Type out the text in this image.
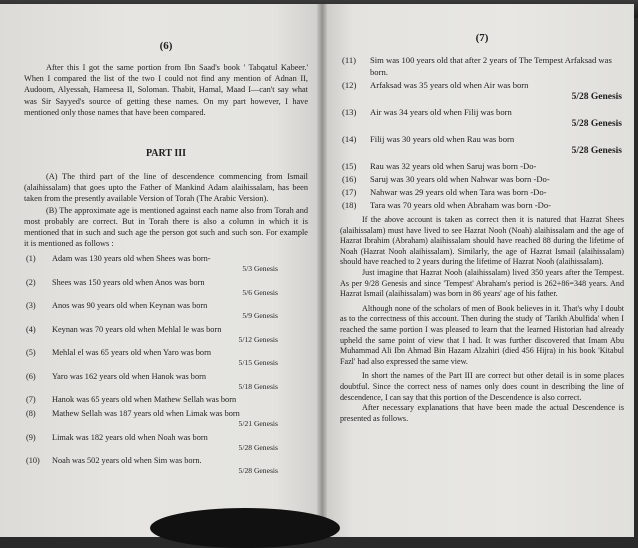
(6)

After this I got the same portion from Ibn Saad's book ' Tabqatul Kabeer.' When I compared the list of the two I could not find any mention of Adnan II, Audoom, Alyessah, Hameesa II, Soloman. Thabit, Hamal, Maad I—can't say what was Sir Sayyed's source of getting these names. On my part however, I have mentioned only those names that have been compared.

PART III

(A) The third part of the line of descendence commencing from Ismail (alaihissalam) that goes upto the Father of Mankind Adam alaihissalam, has been taken from the presently available Version of Torah (The Arabic Version).

(B) The approximate age is mentioned against each name also from Torah and most probably are correct. But in Torah there is also a column in which it is mentioned that in such and such age the person got such and such son. For example it is mentioned as follows :

(1)	Adam was 130 years old when Shees was born-
5/3 Genesis
(2)	Shees was 150 years old when Anos was born
5/6 Genesis
(3)	Anos was 90 years old when Keynan was born
5/9 Genesis
(4)	Keynan was 70 years old when Mehlal le was born
5/12 Genesis
(5)	Mehlal el was 65 years old when Yaro was born
5/15 Genesis
(6)	Yaro was 162 years old when Hanok was born
5/18 Genesis
(7)	Hanok was 65 years old when Mathew Sellah was born
(8)	Mathew Sellah was 187 years old when Limak was born
5/21 Genesis
(9)	Limak was 182 years old when Noah was born
5/28 Genesis
(10)	Noah was 502 years old when Sim was born.
5/28 Genesis
(7)
(11)	Sim was 100 years old that after 2 years of The Tempest Arfaksad was born.
(12)	Arfaksad was 35 years old when Air was born
5/28 Genesis
(13)	Air was 34 years old when Filij was born
5/28 Genesis
(14)	Filij was 30 years old when Rau was born
5/28 Genesis
(15)	Rau was 32 years old when Saruj was born -Do-
(16)	Saruj was 30 years old when Nahwar was born -Do-
(17)	Nahwar was 29 years old when Tara was born -Do-
(18)	Tara was 70 years old when Abraham was born -Do-

If the above account is taken as correct then it is natured that Hazrat Shees (alaihissalam) must have lived to see Hazrat Nooh (Noah) alaihissalam and the age of Hazrat Ibrahim (Abraham) alaihissalam should have reached 88 during the lifetime of Noah (Hazrat Nooh alaihissalam). Similarly, the age of Hazrat Ismail (alaihissalam) should have reached to 2 years during the lifetime of Hazrat Nooh (alaihissalam).

Just imagine that Hazrat Nooh (alaihissalam) lived 350 years after the Tempest. As per 9/28 Genesis and since 'Tempest' Abraham's period is 262+86=348 years. And Hazrat Ismail (alaihissalam) was born in 86 years' age of his father.

Although none of the scholars of men of Book believes in it. That's why I doubt as to the correctness of this account. Then during the study of 'Tarikh Abulfida' when I reached the same portion I was pleased to learn that the learned Historian had already upheld the same point of view that I had. It was further discovered that Imam Abu Muhammad Ali Ibn Ahmad Bin Hazam Alzahiri (died 456 Hijra) in his book 'Kitabul Fazl' had also expressed the same view.

In short the names of the Part III are correct but other detail is in some places doubtful. Since the correct ness of names only does count in describing the line of descendence, I can say that this portion of the Descendence is also correct.

After necessary explanations that have been made the actual Descendence is presented as follows.
